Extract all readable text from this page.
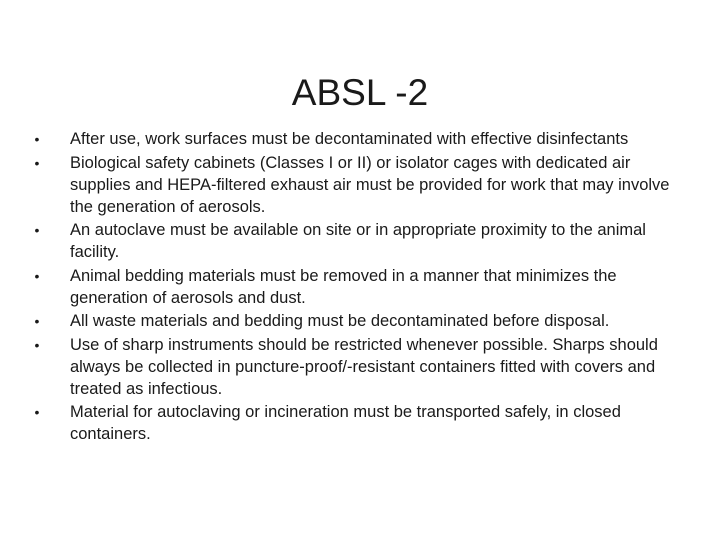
ABSL -2
• After use, work surfaces must be decontaminated with effective disinfectants
• Biological safety cabinets (Classes I or II) or isolator cages with dedicated air supplies and HEPA-filtered exhaust air must be provided for work that may involve the generation of aerosols.
• An autoclave must be available on site or in appropriate proximity to the animal facility.
• Animal bedding materials must be removed in a manner that minimizes the generation of aerosols and dust.
• All waste materials and bedding must be decontaminated before disposal.
• Use of sharp instruments should be restricted whenever possible. Sharps should always be collected in puncture-proof/-resistant containers fitted with covers and treated as infectious.
• Material for autoclaving or incineration must be transported safely, in closed containers.
